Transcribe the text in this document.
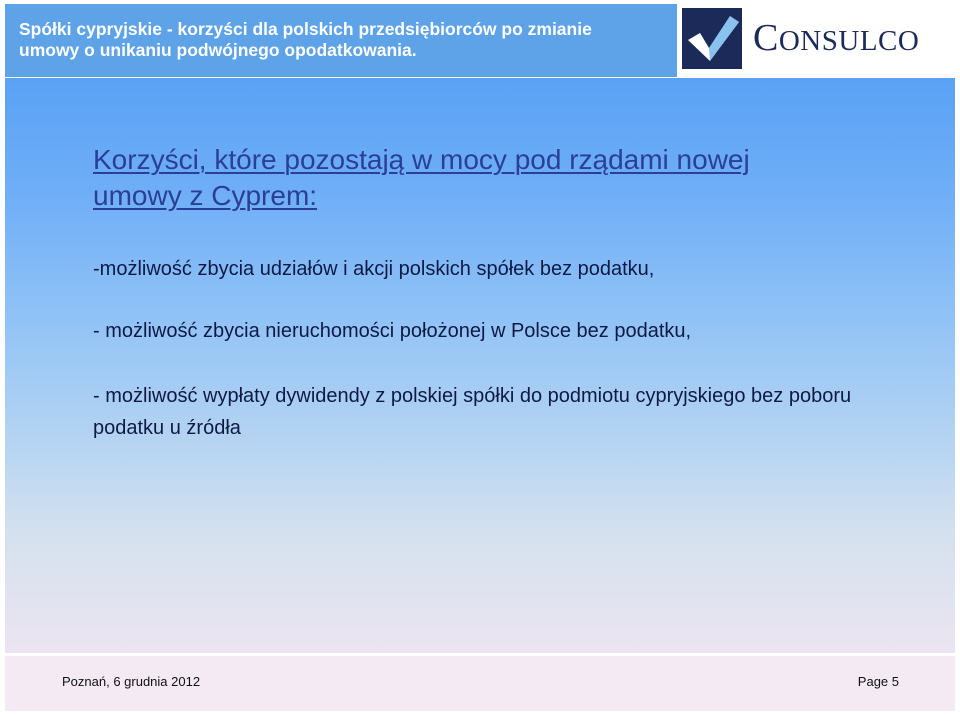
Spółki cypryjskie - korzyści dla polskich przedsiębiorców po zmianie
umowy o unikaniu podwójnego opodatkowania.	CONSULCO
Korzyści, które pozostają w mocy pod rządami nowej
umowy z Cyprem:
-możliwość zbycia udziałów i akcji polskich spółek bez podatku,
- możliwość zbycia nieruchomości położonej w Polsce bez podatku,
- możliwość wypłaty dywidendy z polskiej spółki do podmiotu cypryjskiego bez poboru podatku u źródła
Poznań, 6 grudnia 2012	Page 5
